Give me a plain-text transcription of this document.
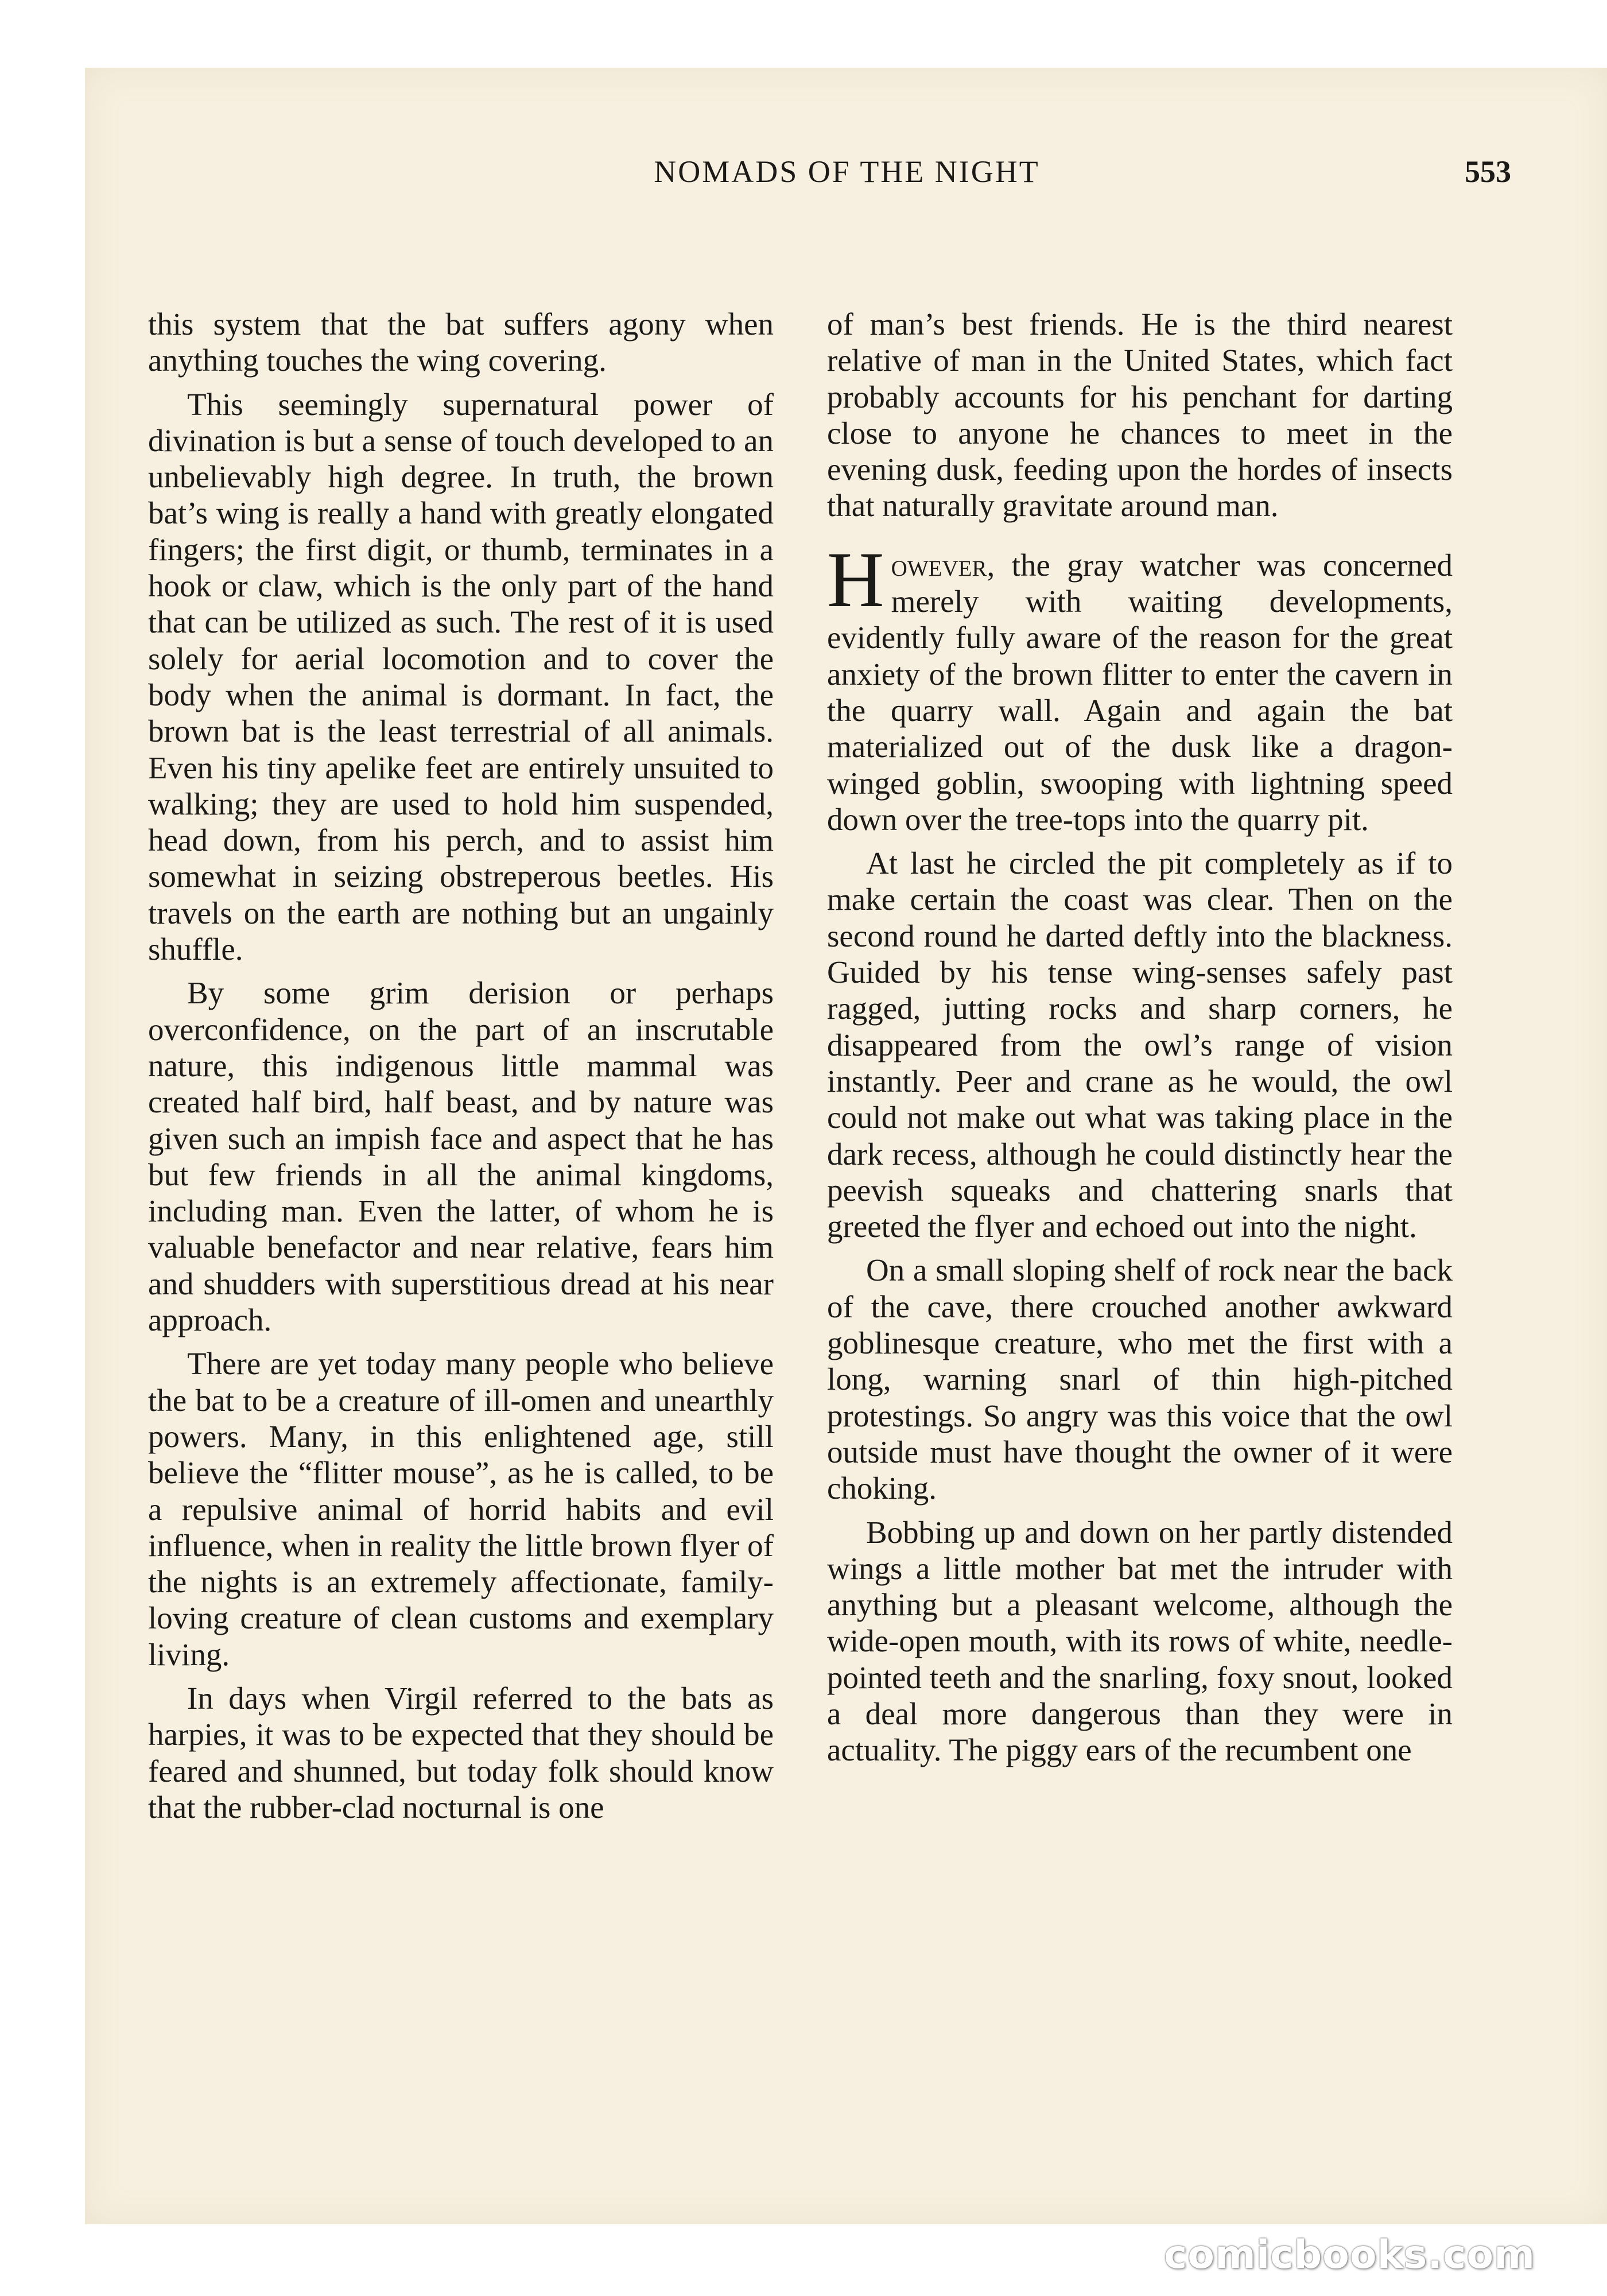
NOMADS OF THE NIGHT	553

this system that the bat suffers agony when anything touches the wing covering.

This seemingly supernatural power of divination is but a sense of touch developed to an unbelievably high degree. In truth, the brown bat’s wing is really a hand with greatly elongated fingers; the first digit, or thumb, terminates in a hook or claw, which is the only part of the hand that can be utilized as such. The rest of it is used solely for aerial locomotion and to cover the body when the animal is dormant. In fact, the brown bat is the least terrestrial of all animals. Even his tiny apelike feet are entirely unsuited to walking; they are used to hold him suspended, head down, from his perch, and to assist him somewhat in seizing obstreperous beetles. His travels on the earth are nothing but an ungainly shuffle.

By some grim derision or perhaps overconfidence, on the part of an inscrutable nature, this indigenous little mammal was created half bird, half beast, and by nature was given such an impish face and aspect that he has but few friends in all the animal kingdoms, including man. Even the latter, of whom he is valuable benefactor and near relative, fears him and shudders with superstitious dread at his near approach.

There are yet today many people who believe the bat to be a creature of ill-omen and unearthly powers. Many, in this enlightened age, still believe the “flitter mouse”, as he is called, to be a repulsive animal of horrid habits and evil influence, when in reality the little brown flyer of the nights is an extremely affectionate, family-loving creature of clean customs and exemplary living.

In days when Virgil referred to the bats as harpies, it was to be expected that they should be feared and shunned, but today folk should know that the rubber-clad nocturnal is one

of man’s best friends. He is the third nearest relative of man in the United States, which fact probably accounts for his penchant for darting close to anyone he chances to meet in the evening dusk, feeding upon the hordes of insects that naturally gravitate around man.

However, the gray watcher was concerned merely with waiting developments, evidently fully aware of the reason for the great anxiety of the brown flitter to enter the cavern in the quarry wall. Again and again the bat materialized out of the dusk like a dragon-winged goblin, swooping with lightning speed down over the tree-tops into the quarry pit.

At last he circled the pit completely as if to make certain the coast was clear. Then on the second round he darted deftly into the blackness. Guided by his tense wing-senses safely past ragged, jutting rocks and sharp corners, he disappeared from the owl’s range of vision instantly. Peer and crane as he would, the owl could not make out what was taking place in the dark recess, although he could distinctly hear the peevish squeaks and chattering snarls that greeted the flyer and echoed out into the night.

On a small sloping shelf of rock near the back of the cave, there crouched another awkward goblinesque creature, who met the first with a long, warning snarl of thin high-pitched protestings. So angry was this voice that the owl outside must have thought the owner of it were choking.

Bobbing up and down on her partly distended wings a little mother bat met the intruder with anything but a pleasant welcome, although the wide-open mouth, with its rows of white, needle-pointed teeth and the snarling, foxy snout, looked a deal more dangerous than they were in actuality. The piggy ears of the recumbent one

comicbooks.com
